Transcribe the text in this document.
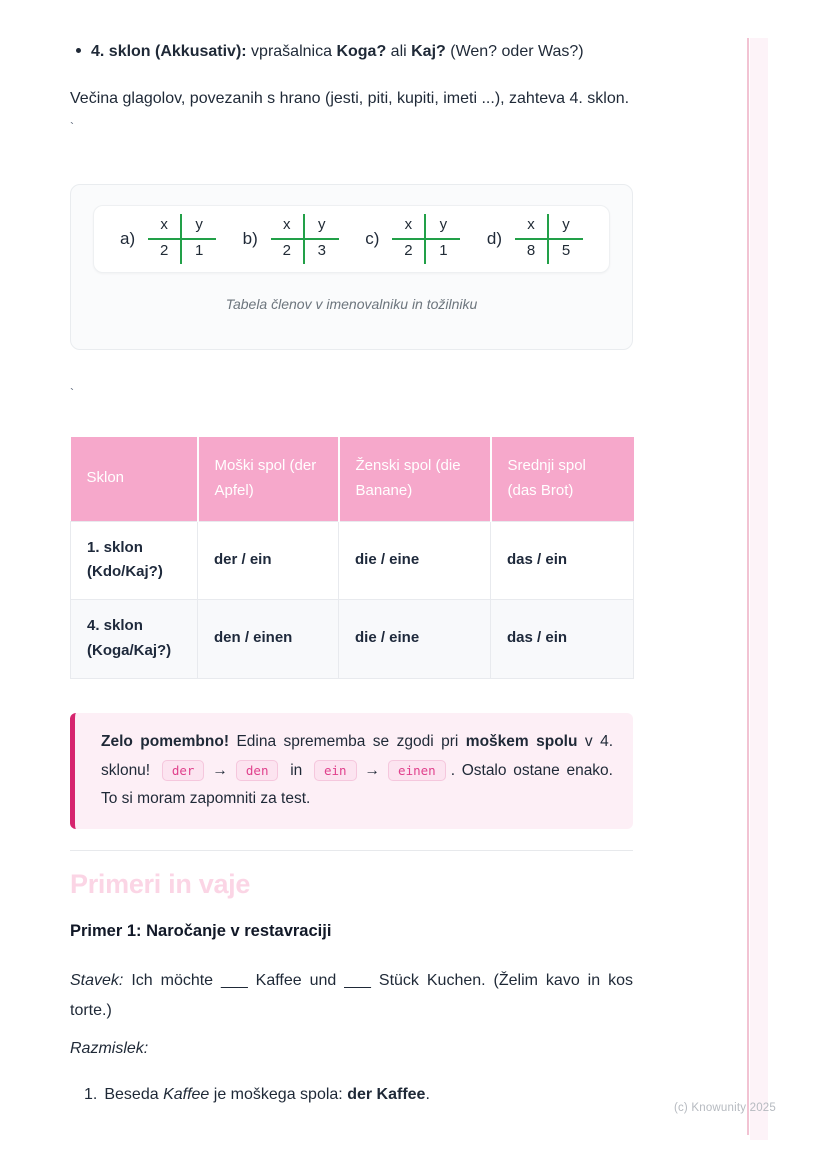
4. sklon (Akkusativ): vprašalnica Koga? ali Kaj? (Wen? oder Was?)

Večina glagolov, povezanih s hrano (jesti, piti, kupiti, imeti ...), zahteva 4. sklon.

`
`
a)
x	y
2	1
b)
x	y
2	3
c)
x	y
2	1
d)
x	y
8	5
Tabela členov v imenovalniku in tožilniku
Sklon	Moški spol (der Apfel)	Ženski spol (die Banane)	Srednji spol (das Brot)
1. sklon (Kdo/Kaj?)	der / ein	die / eine	das / ein
4. sklon (Koga/Kaj?)	den / einen	die / eine	das / ein
Zelo pomembno! Edina sprememba se zgodi pri moškem spolu v 4. sklonu! der → den in ein → einen . Ostalo ostane enako. To si moram zapomniti za test.
Primeri in vaje
Primer 1: Naročanje v restavraciji

Stavek: Ich möchte ___ Kaffee und ___ Stück Kuchen. (Želim kavo in kos torte.)

Razmislek:

1. Beseda Kaffee je moškega spola: der Kaffee.
(c) Knowunity 2025
